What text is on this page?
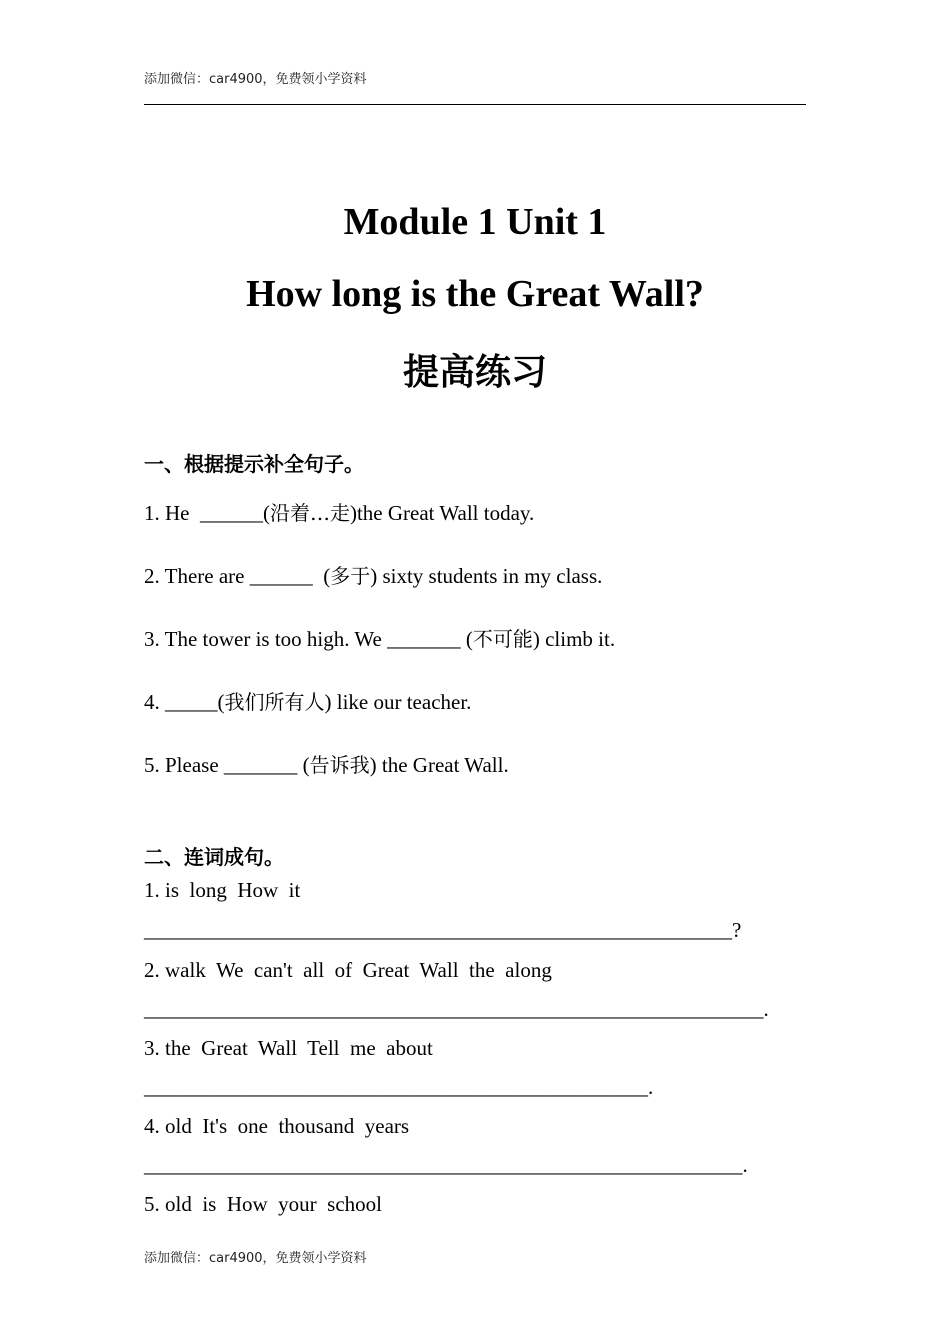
添加微信：car4900，免费领小学资料
Module 1 Unit 1
How long is the Great Wall?
提高练习
一、根据提示补全句子。
1. He  ______(沿着…走)the Great Wall today.
2. There are ______  (多于) sixty students in my class.
3. The tower is too high. We _______ (不可能) climb it.
4. _____(我们所有人) like our teacher.
5. Please _______ (告诉我) the Great Wall.
二、连词成句。
1. is  long  How  it
________________________________________________________?
2. walk  We  can't  all  of  Great  Wall  the  along
___________________________________________________________.
3. the  Great  Wall  Tell  me  about
________________________________________________.
4. old  It's  one  thousand  years
_________________________________________________________.
5. old  is  How  your  school
添加微信：car4900，免费领小学资料
